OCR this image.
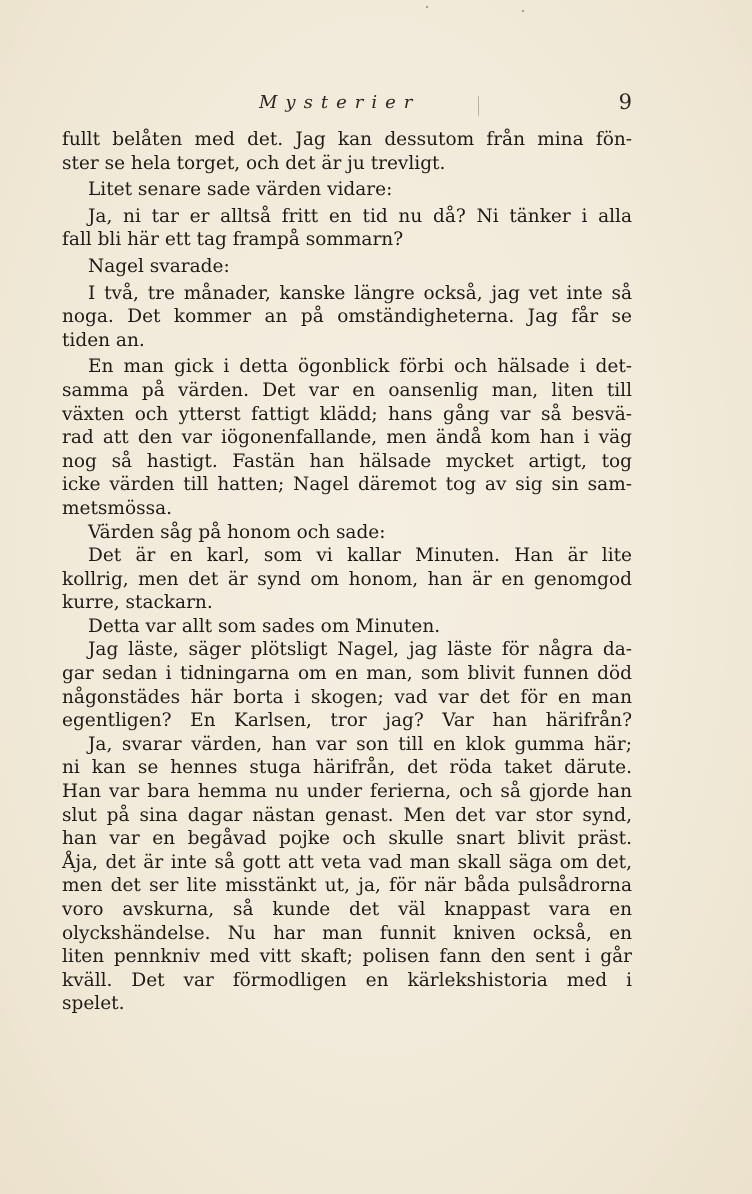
Mysterier	9
fullt belåten med det. Jag kan dessutom från mina fön-
ster se hela torget, och det är ju trevligt.
Litet senare sade värden vidare:
Ja, ni tar er alltså fritt en tid nu då? Ni tänker i alla
fall bli här ett tag frampå sommarn?
Nagel svarade:
I två, tre månader, kanske längre också, jag vet inte så
noga. Det kommer an på omständigheterna. Jag får se
tiden an.
En man gick i detta ögonblick förbi och hälsade i det-
samma på värden. Det var en oansenlig man, liten till
växten och ytterst fattigt klädd; hans gång var så besvä-
rad att den var iögonenfallande, men ändå kom han i väg
nog så hastigt. Fastän han hälsade mycket artigt, tog
icke värden till hatten; Nagel däremot tog av sig sin sam-
metsmössa.
Värden såg på honom och sade:
Det är en karl, som vi kallar Minuten. Han är lite
kollrig, men det är synd om honom, han är en genomgod
kurre, stackarn.
Detta var allt som sades om Minuten.
Jag läste, säger plötsligt Nagel, jag läste för några da-
gar sedan i tidningarna om en man, som blivit funnen död
någonstädes här borta i skogen; vad var det för en man
egentligen? En Karlsen, tror jag? Var han härifrån?
Ja, svarar värden, han var son till en klok gumma här;
ni kan se hennes stuga härifrån, det röda taket därute.
Han var bara hemma nu under ferierna, och så gjorde han
slut på sina dagar nästan genast. Men det var stor synd,
han var en begåvad pojke och skulle snart blivit präst.
Åja, det är inte så gott att veta vad man skall säga om det,
men det ser lite misstänkt ut, ja, för när båda pulsådrorna
voro avskurna, så kunde det väl knappast vara en
olyckshändelse. Nu har man funnit kniven också, en
liten pennkniv med vitt skaft; polisen fann den sent i går
kväll. Det var förmodligen en kärlekshistoria med i
spelet.
